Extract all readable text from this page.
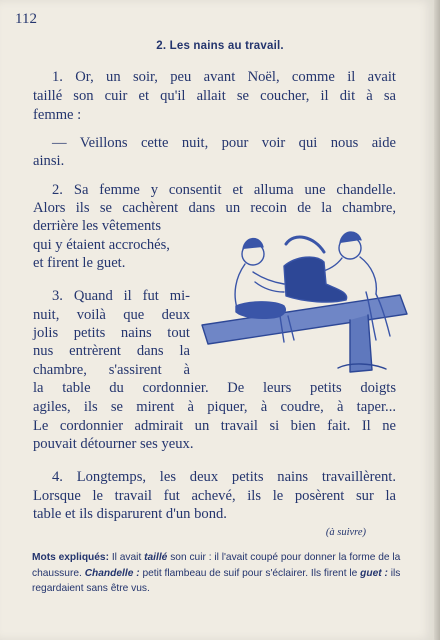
112
2. Les nains au travail.
1. Or, un soir, peu avant Noël, comme il avait
taillé son cuir et qu'il allait se coucher, il dit à sa
femme :
— Veillons cette nuit, pour voir qui nous aide
ainsi.
2. Sa femme y consentit et alluma une chandelle.
Alors ils se cachèrent dans un recoin de la chambre,
derrière les vêtements
qui y étaient accrochés,
et firent le guet.
3. Quand il fut mi-
nuit, voilà que deux
jolis petits nains tout
nus entrèrent dans la
chambre, s'assirent à
la table du cordonnier. De leurs petits doigts
agiles, ils se mirent à piquer, à coudre, à taper...
Le cordonnier admirait un travail si bien fait. Il ne
pouvait détourner ses yeux.
4. Longtemps, les deux petits nains travaillèrent.
Lorsque le travail fut achevé, ils le posèrent sur la
table et ils disparurent d'un bond.
(à suivre)
Mots expliqués: Il avait taillé son cuir : il l'avait coupé pour donner la forme de la chaussure. Chandelle : petit flambeau de suif pour s'éclairer. Ils firent le guet : ils regardaient sans être vus.
